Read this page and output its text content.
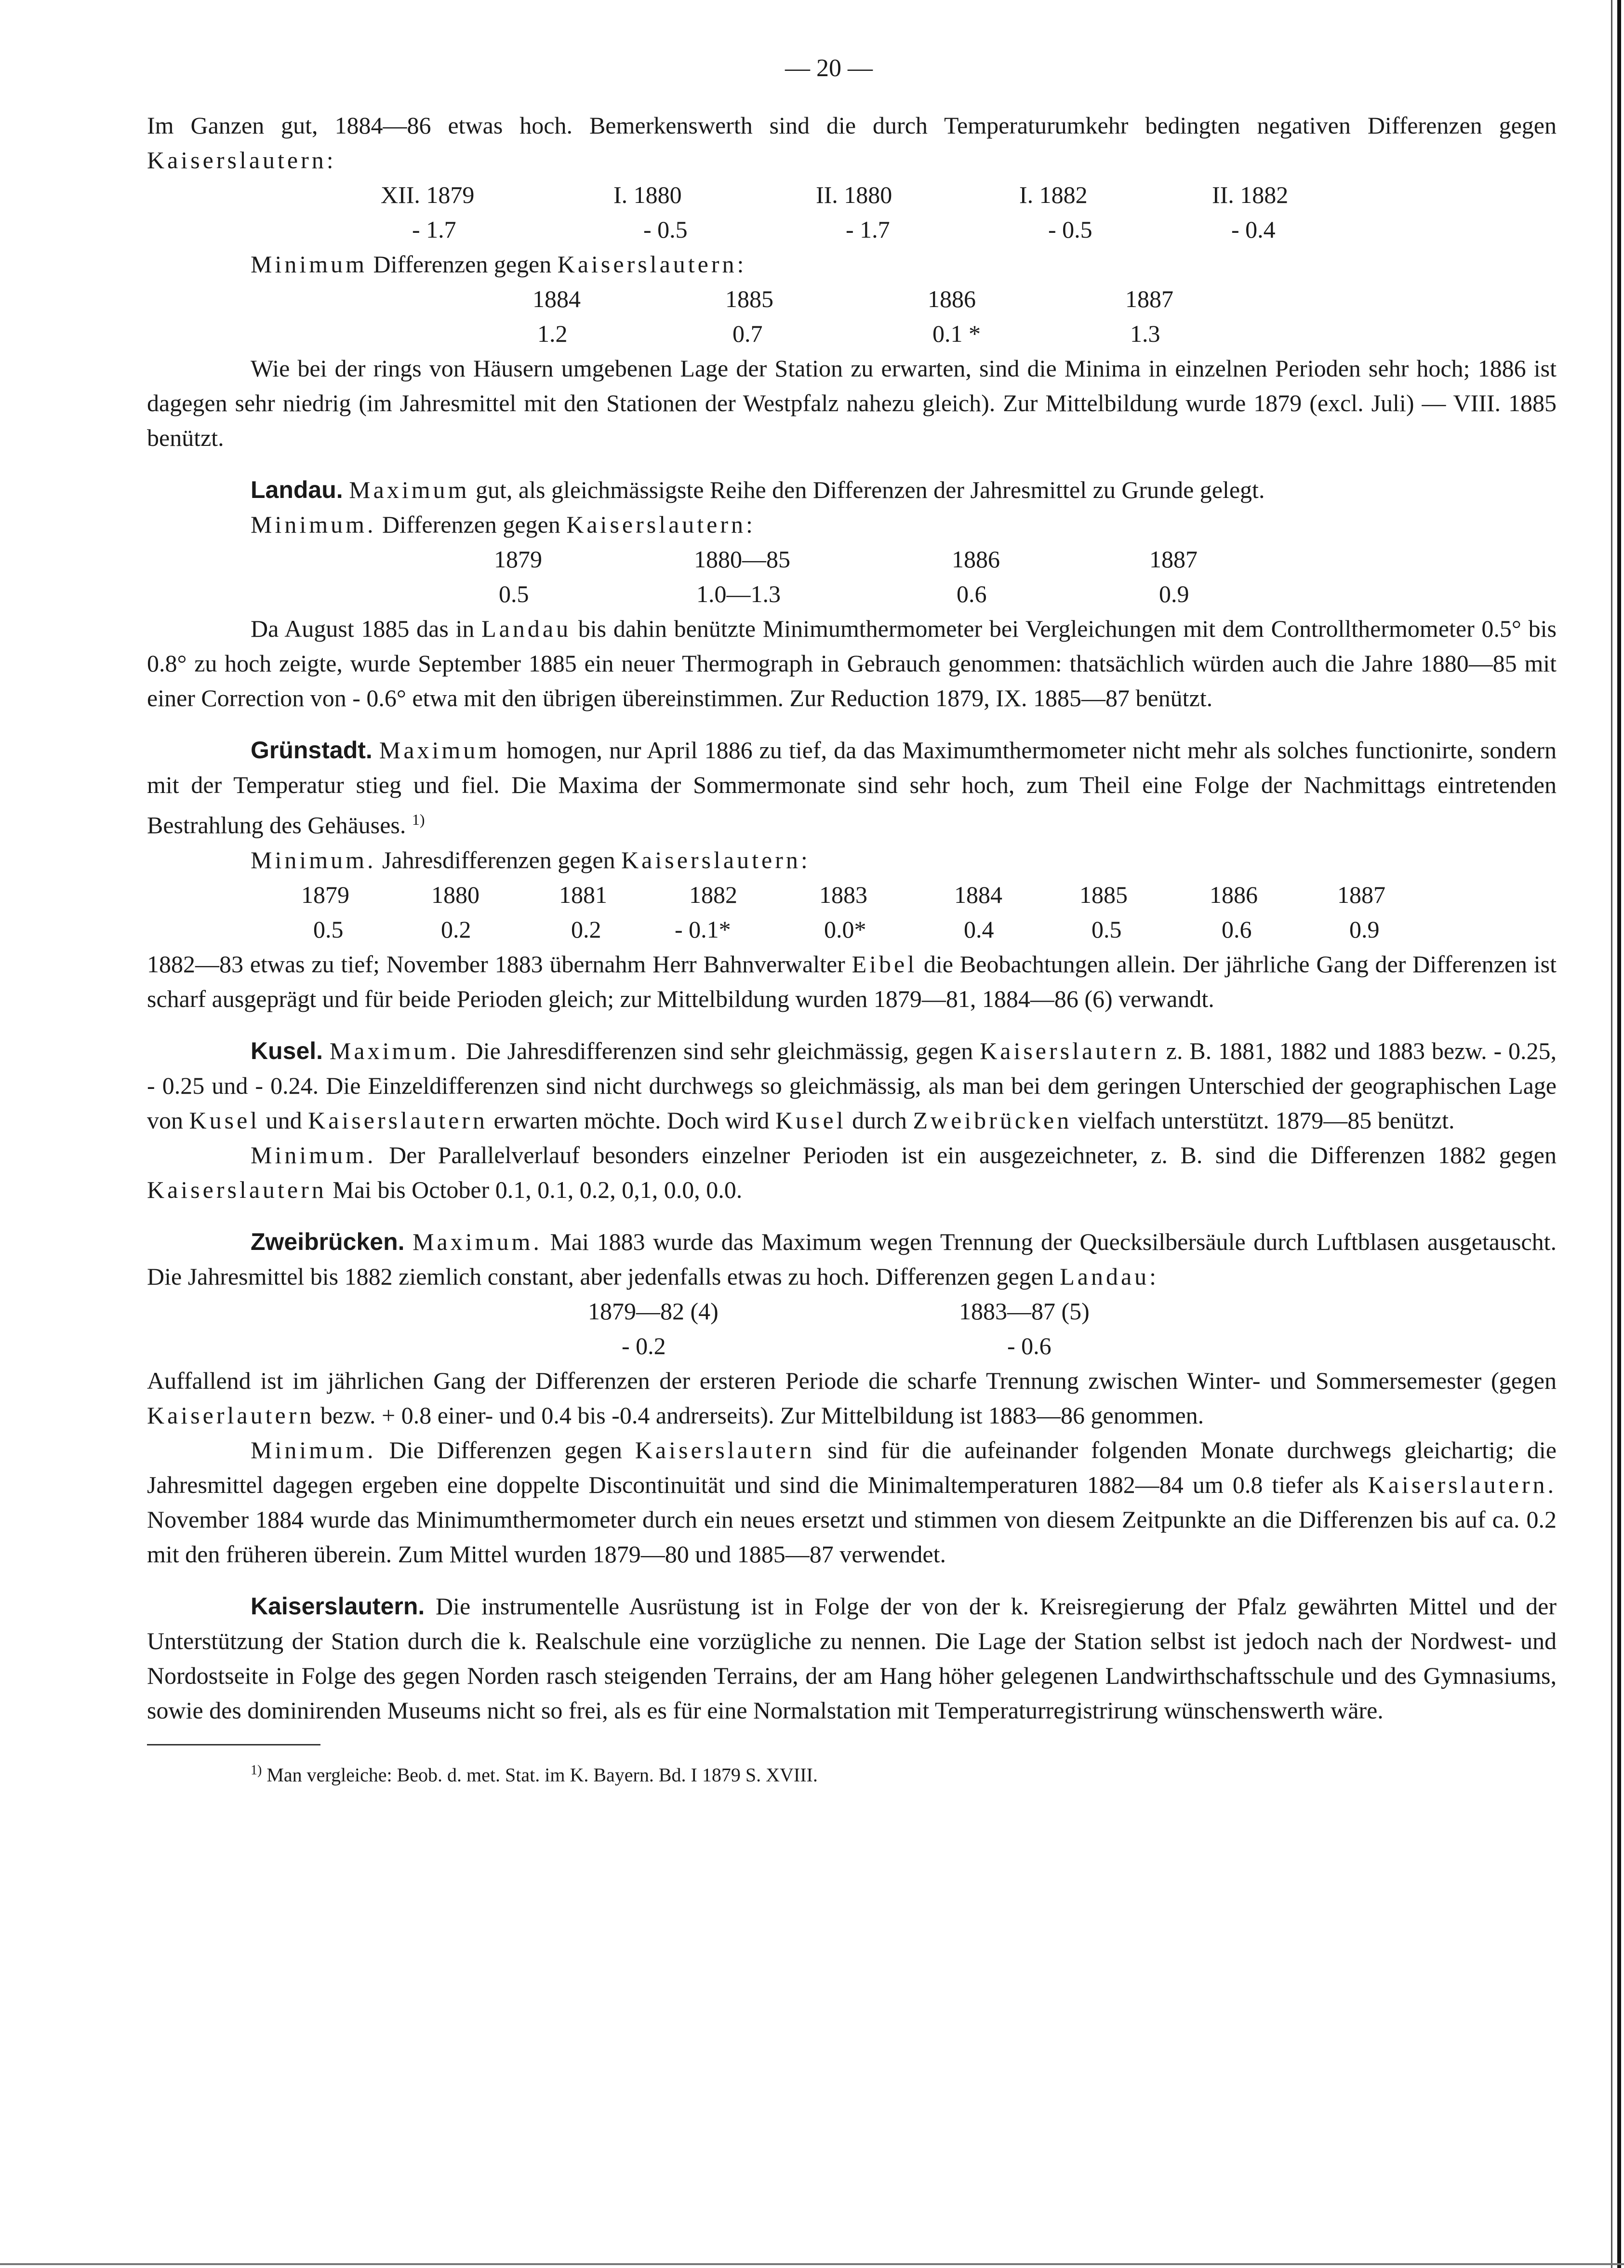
— 20 —

Im Ganzen gut, 1884—86 etwas hoch. Bemerkenswerth sind die durch Temperaturumkehr bedingten negativen Differenzen gegen Kaiserslautern:

XII. 1879	I. 1880	II. 1880	I. 1882	II. 1882
- 1.7	- 0.5	- 1.7	- 0.5	- 0.4

Minimum Differenzen gegen Kaiserslautern:

1884	1885	1886	1887
1.2	0.7	0.1 *	1.3

Wie bei der rings von Häusern umgebenen Lage der Station zu erwarten, sind die Minima in einzelnen Perioden sehr hoch; 1886 ist dagegen sehr niedrig (im Jahresmittel mit den Stationen der Westpfalz nahezu gleich). Zur Mittelbildung wurde 1879 (excl. Juli) — VIII. 1885 benützt.

Landau. Maximum gut, als gleichmässigste Reihe den Differenzen der Jahresmittel zu Grunde gelegt.

Minimum. Differenzen gegen Kaiserslautern:

1879	1880—85	1886	1887
0.5	1.0—1.3	0.6	0.9

Da August 1885 das in Landau bis dahin benützte Minimumthermometer bei Vergleichungen mit dem Controllthermometer 0.5° bis 0.8° zu hoch zeigte, wurde September 1885 ein neuer Thermograph in Gebrauch genommen: thatsächlich würden auch die Jahre 1880—85 mit einer Correction von - 0.6° etwa mit den übrigen übereinstimmen. Zur Reduction 1879, IX. 1885—87 benützt.

Grünstadt. Maximum homogen, nur April 1886 zu tief, da das Maximumthermometer nicht mehr als solches functionirte, sondern mit der Temperatur stieg und fiel. Die Maxima der Sommermonate sind sehr hoch, zum Theil eine Folge der Nachmittags eintretenden Bestrahlung des Gehäuses. $^{1)}$

Minimum. Jahresdifferenzen gegen Kaiserslautern:

1879	1880	1881	1882	1883	1884	1885	1886	1887
0.5	0.2	0.2	- 0.1*	0.0*	0.4	0.5	0.6	0.9

1882—83 etwas zu tief; November 1883 übernahm Herr Bahnverwalter Eibel die Beobachtungen allein. Der jährliche Gang der Differenzen ist scharf ausgeprägt und für beide Perioden gleich; zur Mittelbildung wurden 1879—81, 1884—86 (6) verwandt.

Kusel. Maximum. Die Jahresdifferenzen sind sehr gleichmässig, gegen Kaiserslautern z. B. 1881, 1882 und 1883 bezw. - 0.25, - 0.25 und - 0.24. Die Einzeldifferenzen sind nicht durchwegs so gleichmässig, als man bei dem geringen Unterschied der geographischen Lage von Kusel und Kaiserslautern erwarten möchte. Doch wird Kusel durch Zweibrücken vielfach unterstützt. 1879—85 benützt.

Minimum. Der Parallelverlauf besonders einzelner Perioden ist ein ausgezeichneter, z. B. sind die Differenzen 1882 gegen Kaiserslautern Mai bis October 0.1, 0.1, 0.2, 0,1, 0.0, 0.0.

Zweibrücken. Maximum. Mai 1883 wurde das Maximum wegen Trennung der Quecksilbersäule durch Luftblasen ausgetauscht. Die Jahresmittel bis 1882 ziemlich constant, aber jedenfalls etwas zu hoch. Differenzen gegen Landau:

1879—82 (4)	1883—87 (5)
- 0.2	- 0.6

Auffallend ist im jährlichen Gang der Differenzen der ersteren Periode die scharfe Trennung zwischen Winter- und Sommersemester (gegen Kaiserlautern bezw. + 0.8 einer- und 0.4 bis -0.4 andrerseits). Zur Mittelbildung ist 1883—86 genommen.

Minimum. Die Differenzen gegen Kaiserslautern sind für die aufeinander folgenden Monate durchwegs gleichartig; die Jahresmittel dagegen ergeben eine doppelte Discontinuität und sind die Minimaltemperaturen 1882—84 um 0.8 tiefer als Kaiserslautern. November 1884 wurde das Minimumthermometer durch ein neues ersetzt und stimmen von diesem Zeitpunkte an die Differenzen bis auf ca. 0.2 mit den früheren überein. Zum Mittel wurden 1879—80 und 1885—87 verwendet.

Kaiserslautern. Die instrumentelle Ausrüstung ist in Folge der von der k. Kreisregierung der Pfalz gewährten Mittel und der Unterstützung der Station durch die k. Realschule eine vorzügliche zu nennen. Die Lage der Station selbst ist jedoch nach der Nordwest- und Nordostseite in Folge des gegen Norden rasch steigenden Terrains, der am Hang höher gelegenen Landwirthschaftsschule und des Gymnasiums, sowie des dominirenden Museums nicht so frei, als es für eine Normalstation mit Temperaturregistrirung wünschenswerth wäre.

$^{1)}$ Man vergleiche: Beob. d. met. Stat. im K. Bayern. Bd. I 1879 S. XVIII.
